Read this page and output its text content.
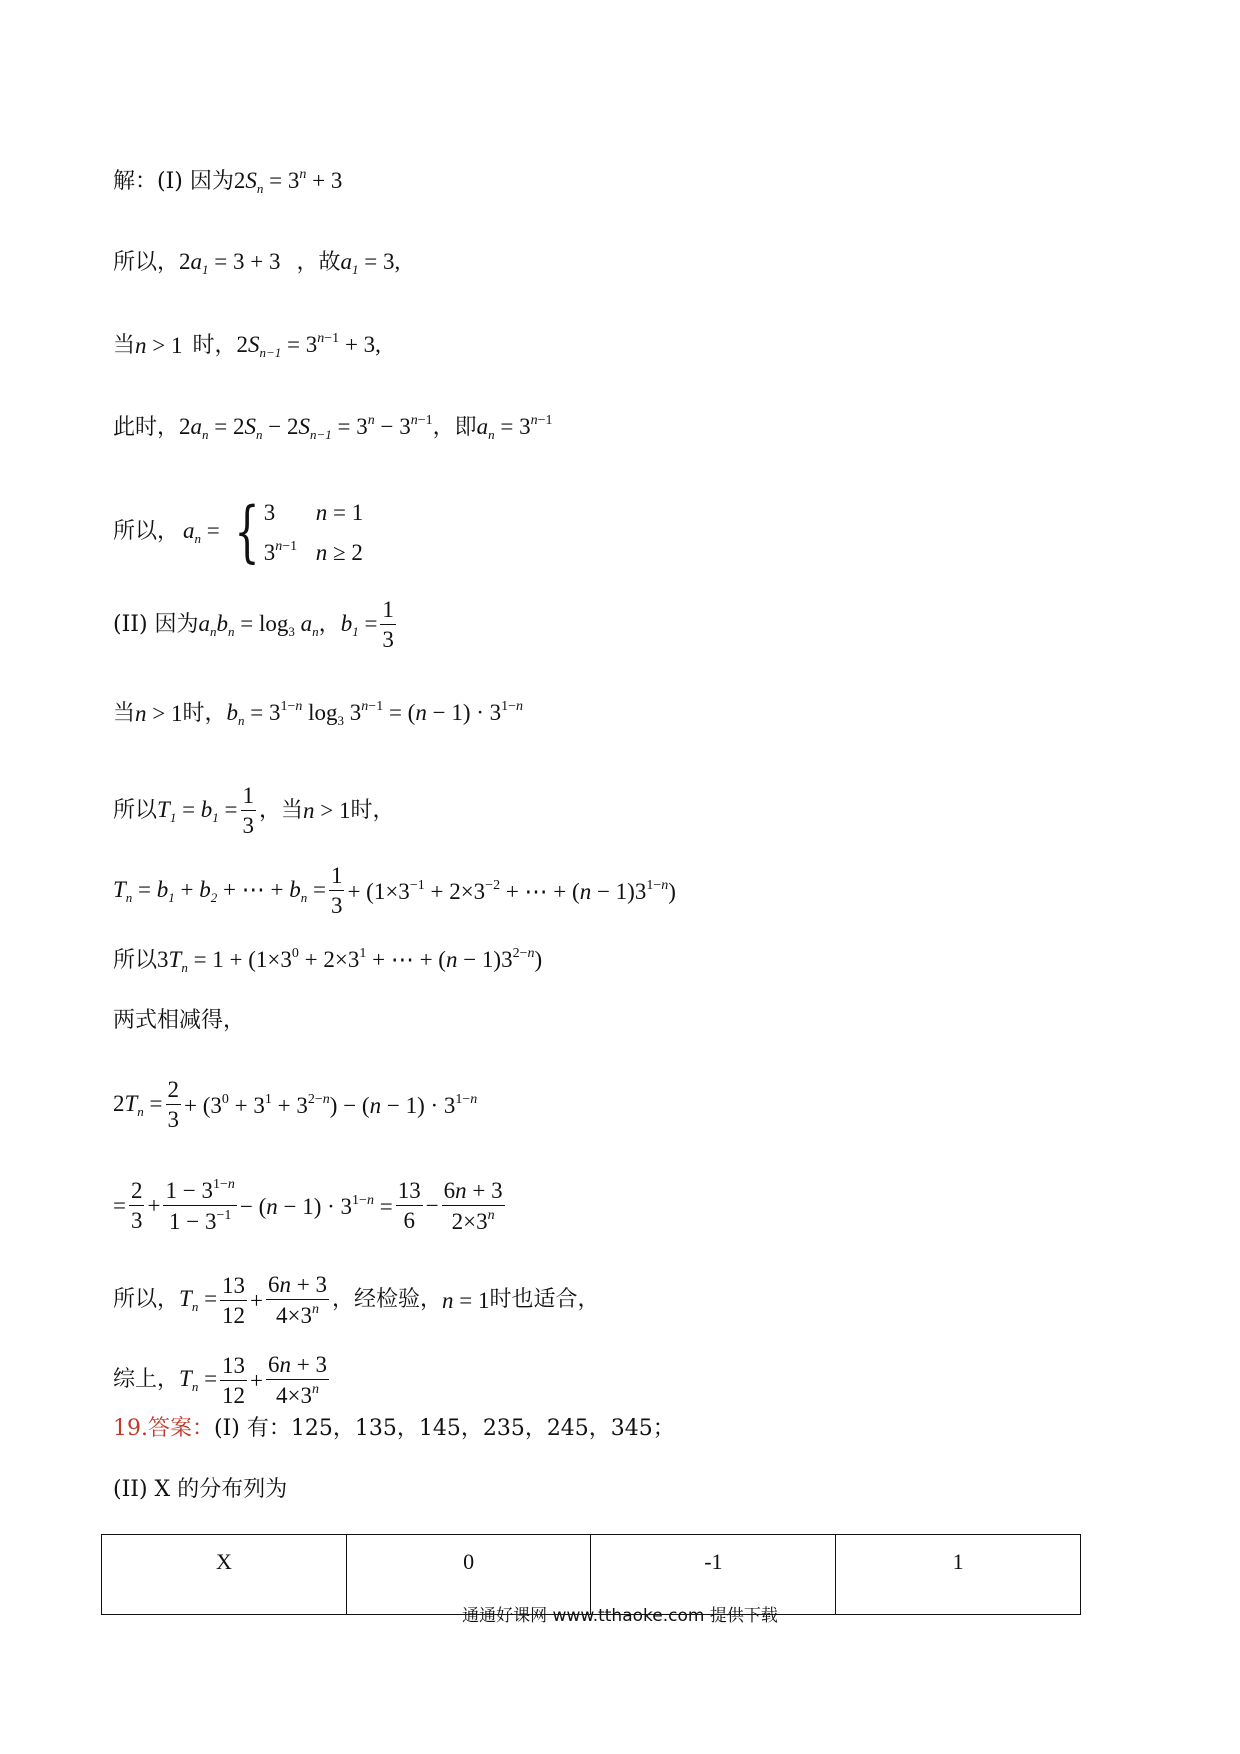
解：(I) 因为 $2S_n = 3^n + 3$
所以， $2a_1 = 3 + 3$ ，故 $a_1 = 3$,
当 n > 1 时， $2S_{n-1} = 3^{n-1} + 3$,
此时， $2a_n = 2S_n - 2S_{n-1} = 3^n - 3^{n-1}$ ，即 $a_n = 3^{n-1}$
所以， $a_n$ = { 3	n = 1
$3^{n-1}$ n ≥ 2
(II) 因为 $a_nb_n = \log_3 a_n$ ， $b_1 = \frac{1}{3}$
当 n > 1 时， $b_n = 3^{1-n}$ $\log_3 3^{n-1} = (n - 1) \cdot 3^{1-n}$
所以 $T_1 = b_1 = \frac{1}{3}$ ，当 n > 1 时，
$T_n = b_1 + b_2$ + ⋯ + $b_n = \frac{1}{3} + (1\times 3^{-1} + 2\times 3^{-2}$ + ⋯ + $(n - 1)3^{1-n}$)
所以 $3T_n = 1 + (1\times 3^0 + 2\times 3^1$ + ⋯ + $(n - 1)3^{2-n}$)
两式相减得，
$2T_n = \frac{2}{3} + (3^0 + 3^1 + 3^{2-n}) - (n - 1) \cdot 3^{1-n}$
= $\frac{2}{3} + \frac{1 - 3^{1-n}}{1 - 3^{-1}} - (n - 1) \cdot 3^{1-n} = \frac{13}{6} - \frac{6n + 3}{2\times 3^n}$
所以， $T_n = \frac{13}{12} + \frac{6n + 3}{4\times 3^n}$ ，经检验， n = 1 时也适合，
综上， $T_n = \frac{13}{12} + \frac{6n + 3}{4\times 3^n}$
19.答案： (I) 有：125，135，145，235，245，345；
(II) X 的分布列为
X	0	-1	1
通通好课网 www.tthaoke.com 提供下载
